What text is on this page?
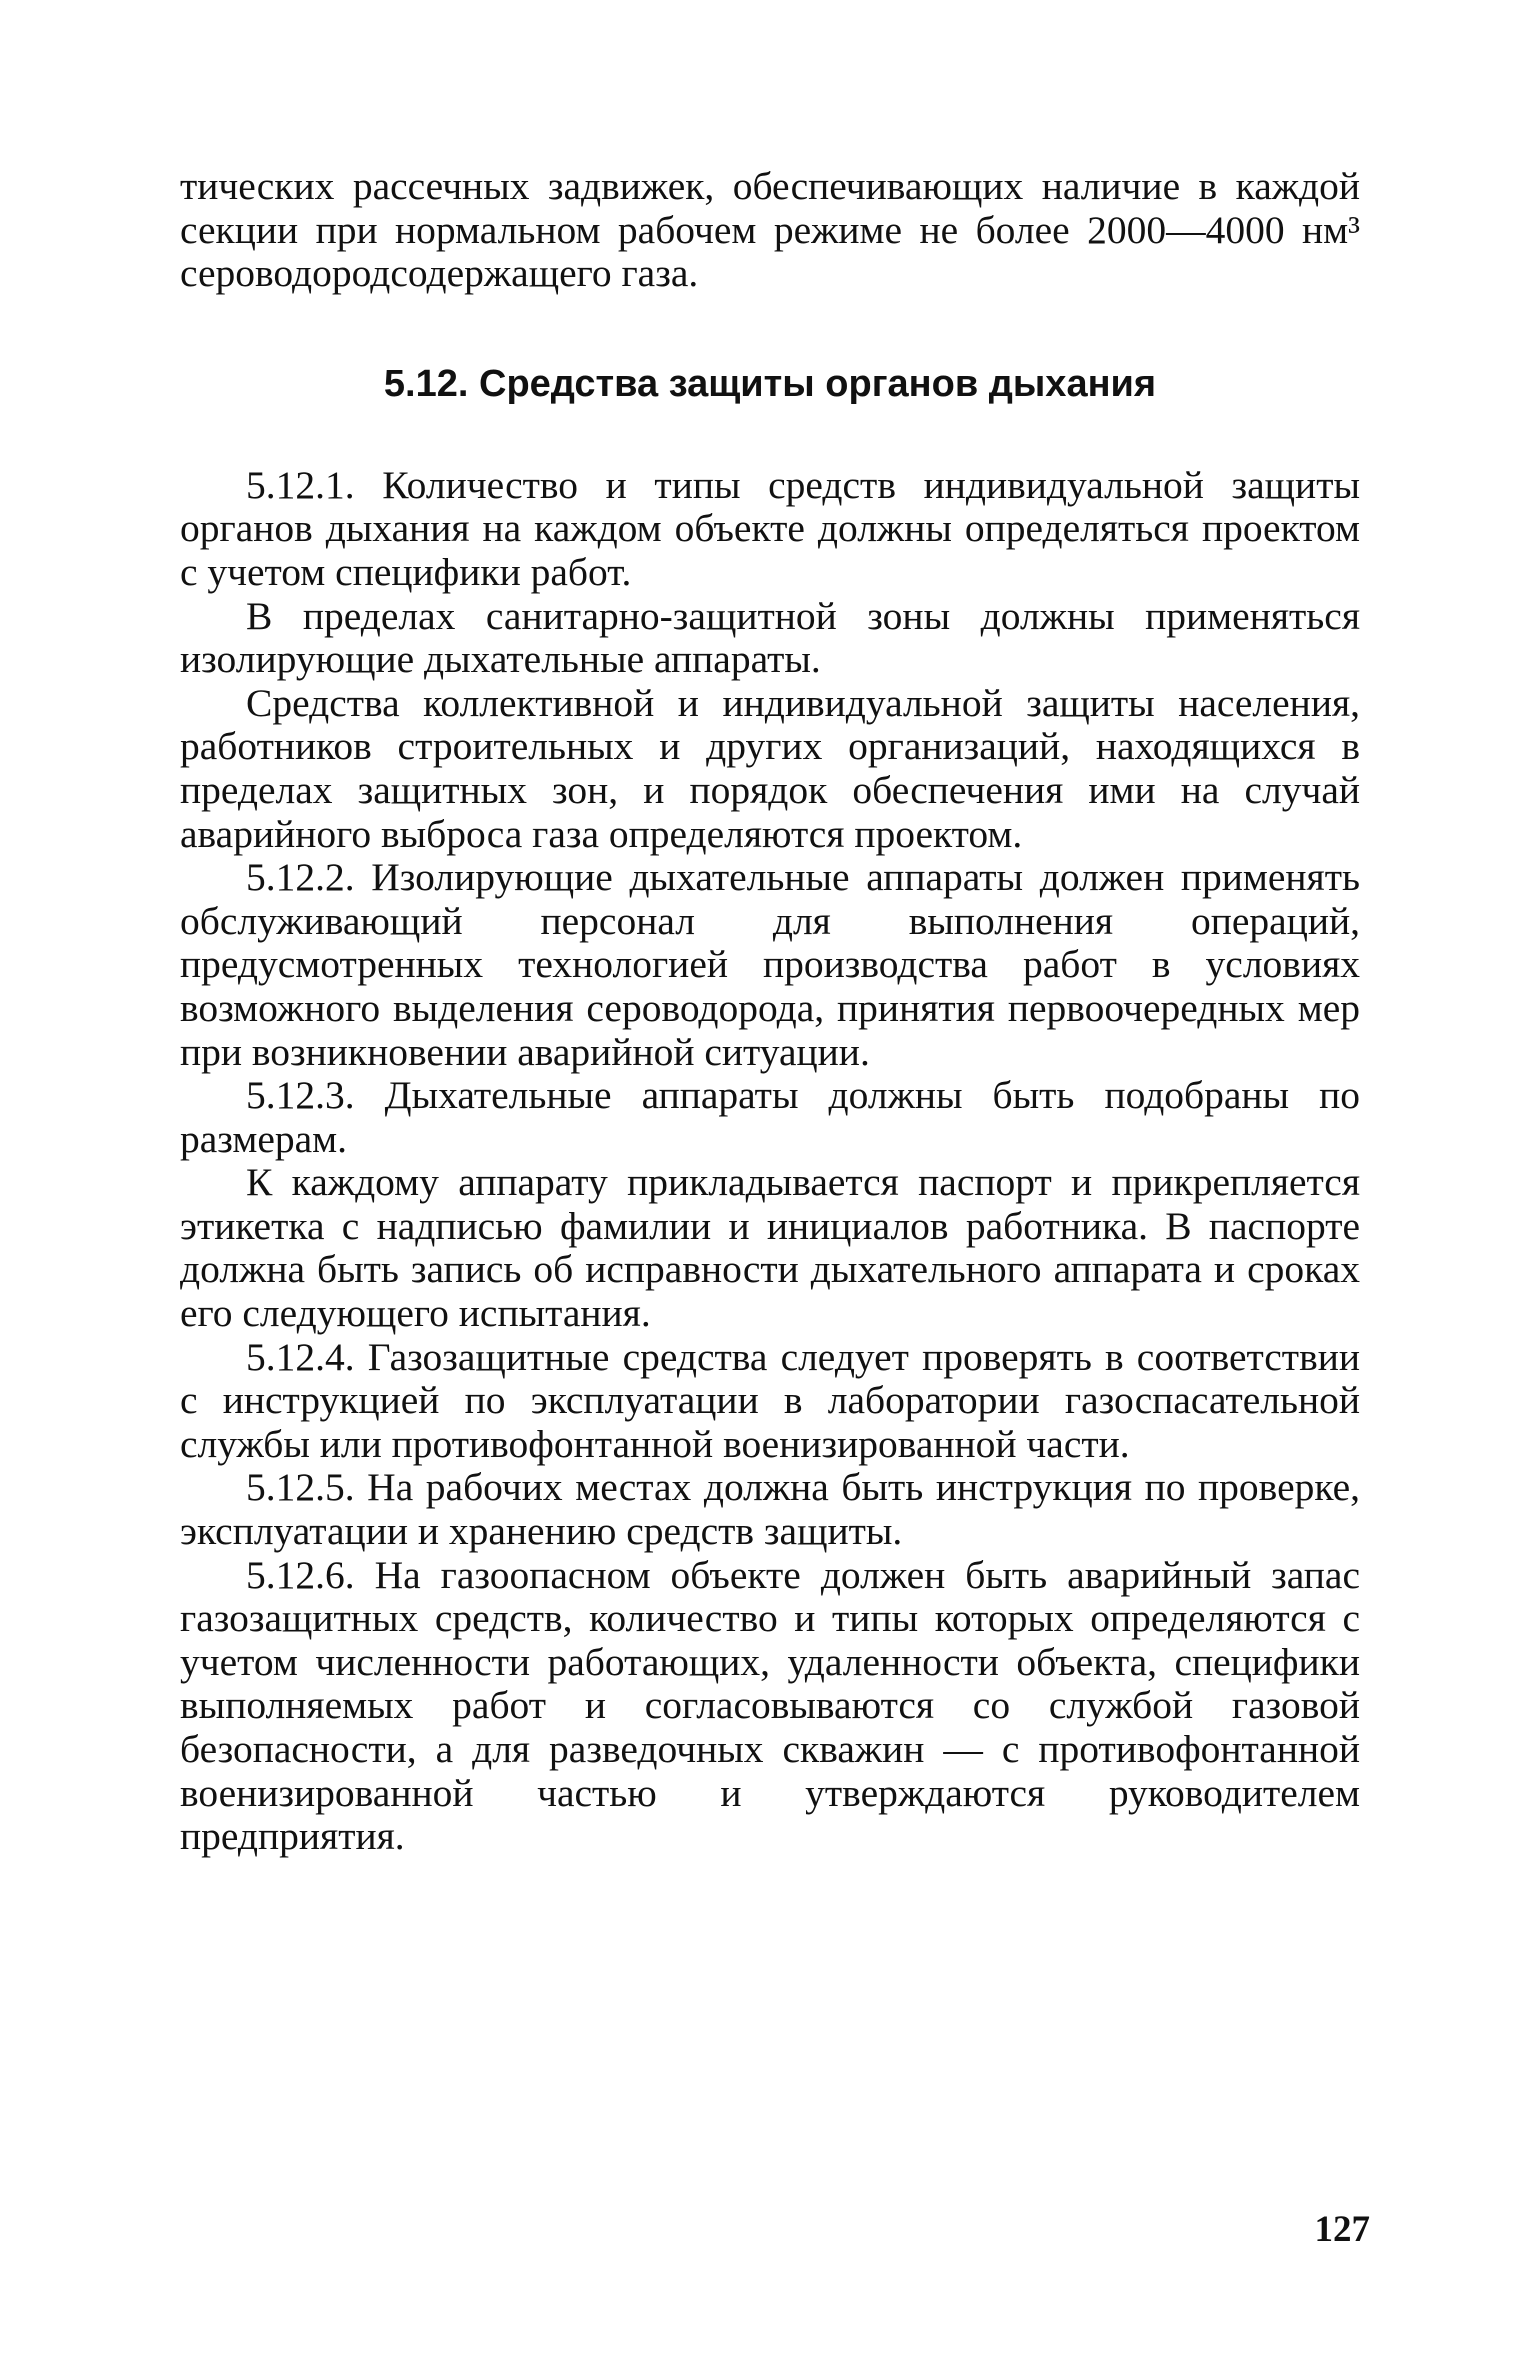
тических рассечных задвижек, обеспечивающих наличие в каждой секции при нормальном рабочем режиме не более 2000—4000 нм³ сероводородсодержащего газа.

5.12. Средства защиты органов дыхания

5.12.1. Количество и типы средств индивидуальной защиты органов дыхания на каждом объекте должны определяться проектом с учетом специфики работ.

В пределах санитарно-защитной зоны должны применяться изолирующие дыхательные аппараты.

Средства коллективной и индивидуальной защиты населения, работников строительных и других организаций, находящихся в пределах защитных зон, и порядок обеспечения ими на случай аварийного выброса газа определяются проектом.

5.12.2. Изолирующие дыхательные аппараты должен применять обслуживающий персонал для выполнения операций, предусмотренных технологией производства работ в условиях возможного выделения сероводорода, принятия первоочередных мер при возникновении аварийной ситуации.

5.12.3. Дыхательные аппараты должны быть подобраны по размерам.

К каждому аппарату прикладывается паспорт и прикрепляется этикетка с надписью фамилии и инициалов работника. В паспорте должна быть запись об исправности дыхательного аппарата и сроках его следующего испытания.

5.12.4. Газозащитные средства следует проверять в соответствии с инструкцией по эксплуатации в лаборатории газоспасательной службы или противофонтанной военизированной части.

5.12.5. На рабочих местах должна быть инструкция по проверке, эксплуатации и хранению средств защиты.

5.12.6. На газоопасном объекте должен быть аварийный запас газозащитных средств, количество и типы которых определяются с учетом численности работающих, удаленности объекта, специфики выполняемых работ и согласовываются со службой газовой безопасности, а для разведочных скважин — с противофонтанной военизированной частью и утверждаются руководителем предприятия.

127
